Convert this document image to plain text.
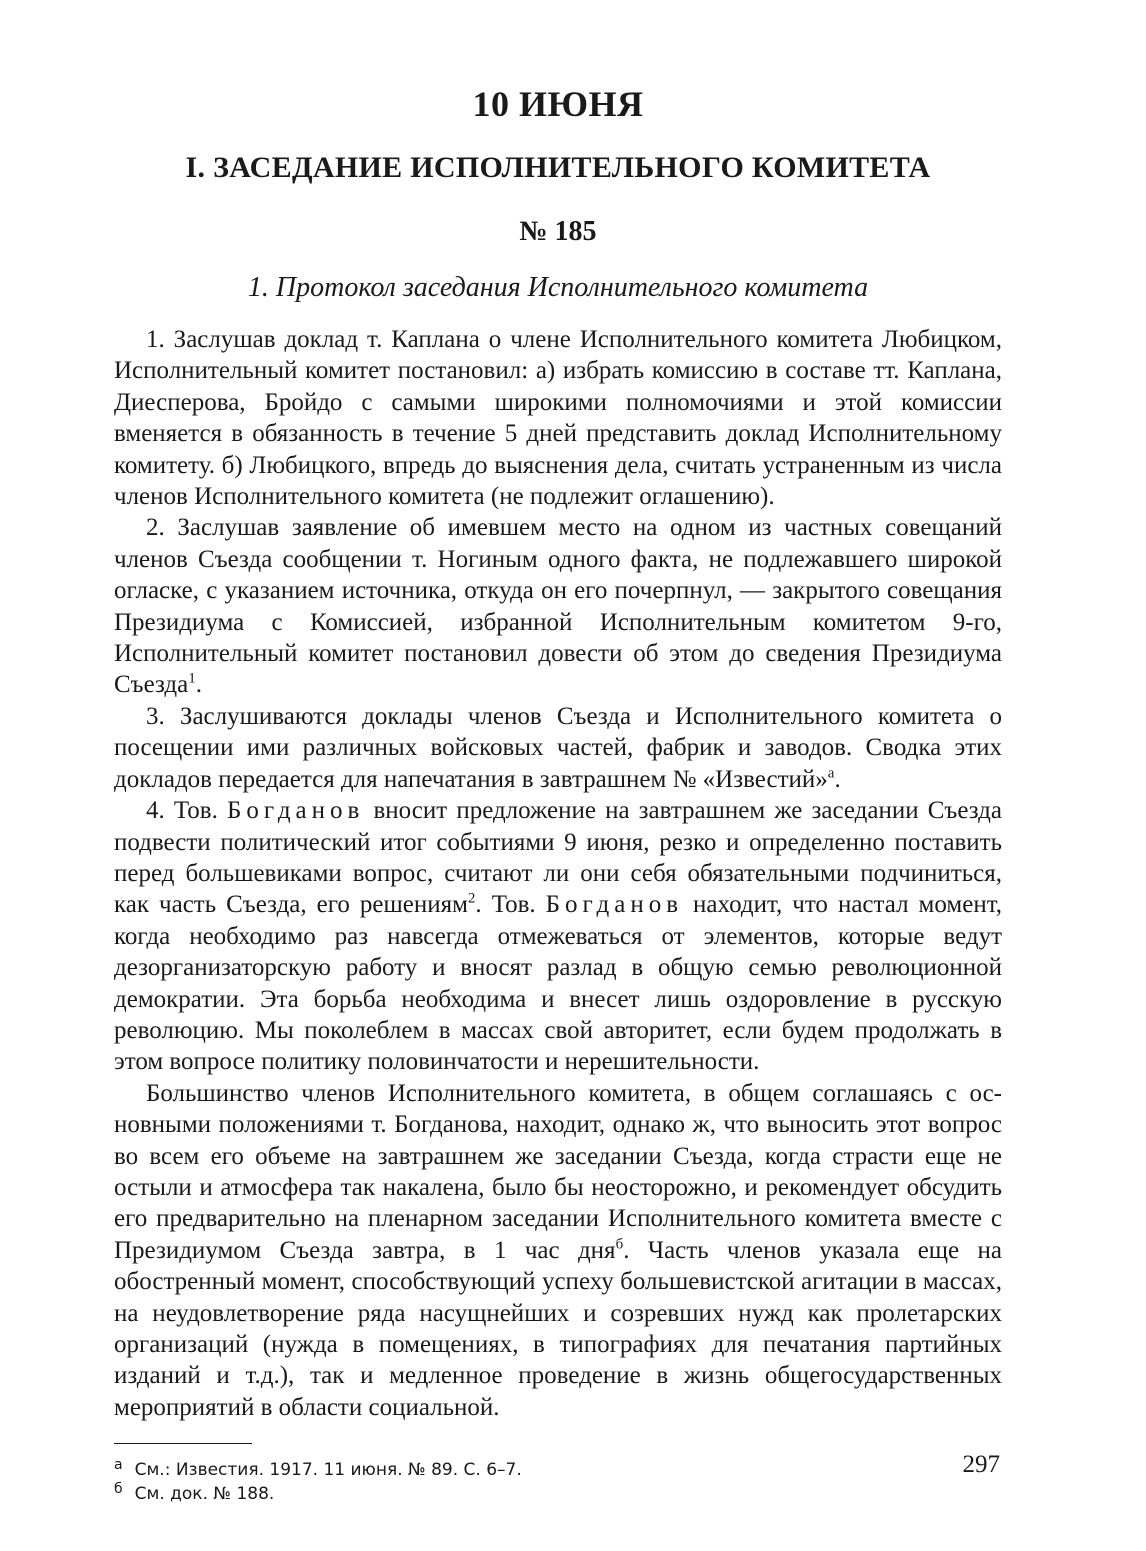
10 ИЮНЯ
I. ЗАСЕДАНИЕ ИСПОЛНИТЕЛЬНОГО КОМИТЕТА
№ 185
1. Протокол заседания Исполнительного комитета

1. Заслушав доклад т. Каплана о члене Исполнительного комитета Любицком, Исполнительный комитет постановил: а) избрать комиссию в составе тт. Каплана, Диесперова, Бройдо с самыми широкими полномочиями и этой комиссии вменяется в обязанность в течение 5 дней представить доклад Исполнительному комитету. б) Любицкого, впредь до выяснения дела, считать устраненным из числа членов Исполнительного комитета (не подлежит оглашению).

2. Заслушав заявление об имевшем место на одном из частных совещаний членов Съезда сообщении т. Ногиным одного факта, не подлежавшего широкой огласке, с указанием источника, откуда он его почерпнул, — закрытого совещания Президиума с Комиссией, избранной Исполнительным комитетом 9-го, Исполнительный комитет постановил довести об этом до сведения Президиума Съезда$^1$.

3. Заслушиваются доклады членов Съезда и Исполнительного комитета о посещении ими различных войсковых частей, фабрик и заводов. Сводка этих докладов передается для напечатания в завтрашнем № «Известий»$^а$.

4. Тов. Богданов вносит предложение на завтрашнем же заседании Съезда подвести политический итог событиями 9 июня, резко и определенно поставить перед большевиками вопрос, считают ли они себя обязательными подчиниться, как часть Съезда, его решениям$^2$. Тов. Богданов находит, что настал момент, когда необходимо раз навсегда отмежеваться от элементов, которые ведут дезорганизаторскую работу и вносят разлад в общую семью революционной демократии. Эта борьба необходима и внесет лишь оздоровление в русскую революцию. Мы поколеблем в массах свой авторитет, если будем продолжать в этом вопросе политику половинчатости и нерешительности.

Большинство членов Исполнительного комитета, в общем соглашаясь с основными положениями т. Богданова, находит, однако ж, что выносить этот вопрос во всем его объеме на завтрашнем же заседании Съезда, когда страсти еще не остыли и атмосфера так накалена, было бы неосторожно, и рекомендует обсудить его предварительно на пленарном заседании Исполнительного комитета вместе с Президиумом Съезда завтра, в 1 час дня$^б$. Часть членов указала еще на обостренный момент, способствующий успеху большевистской агитации в массах, на неудовлетворение ряда насущнейших и созревших нужд как пролетарских организаций (нужда в помещениях, в типографиях для печатания партийных изданий и т.д.), так и медленное проведение в жизнь общегосударственных мероприятий в области социальной.

$^а$ См.: Известия. 1917. 11 июня. № 89. С. 6–7.

$^б$ См. док. № 188.

297
